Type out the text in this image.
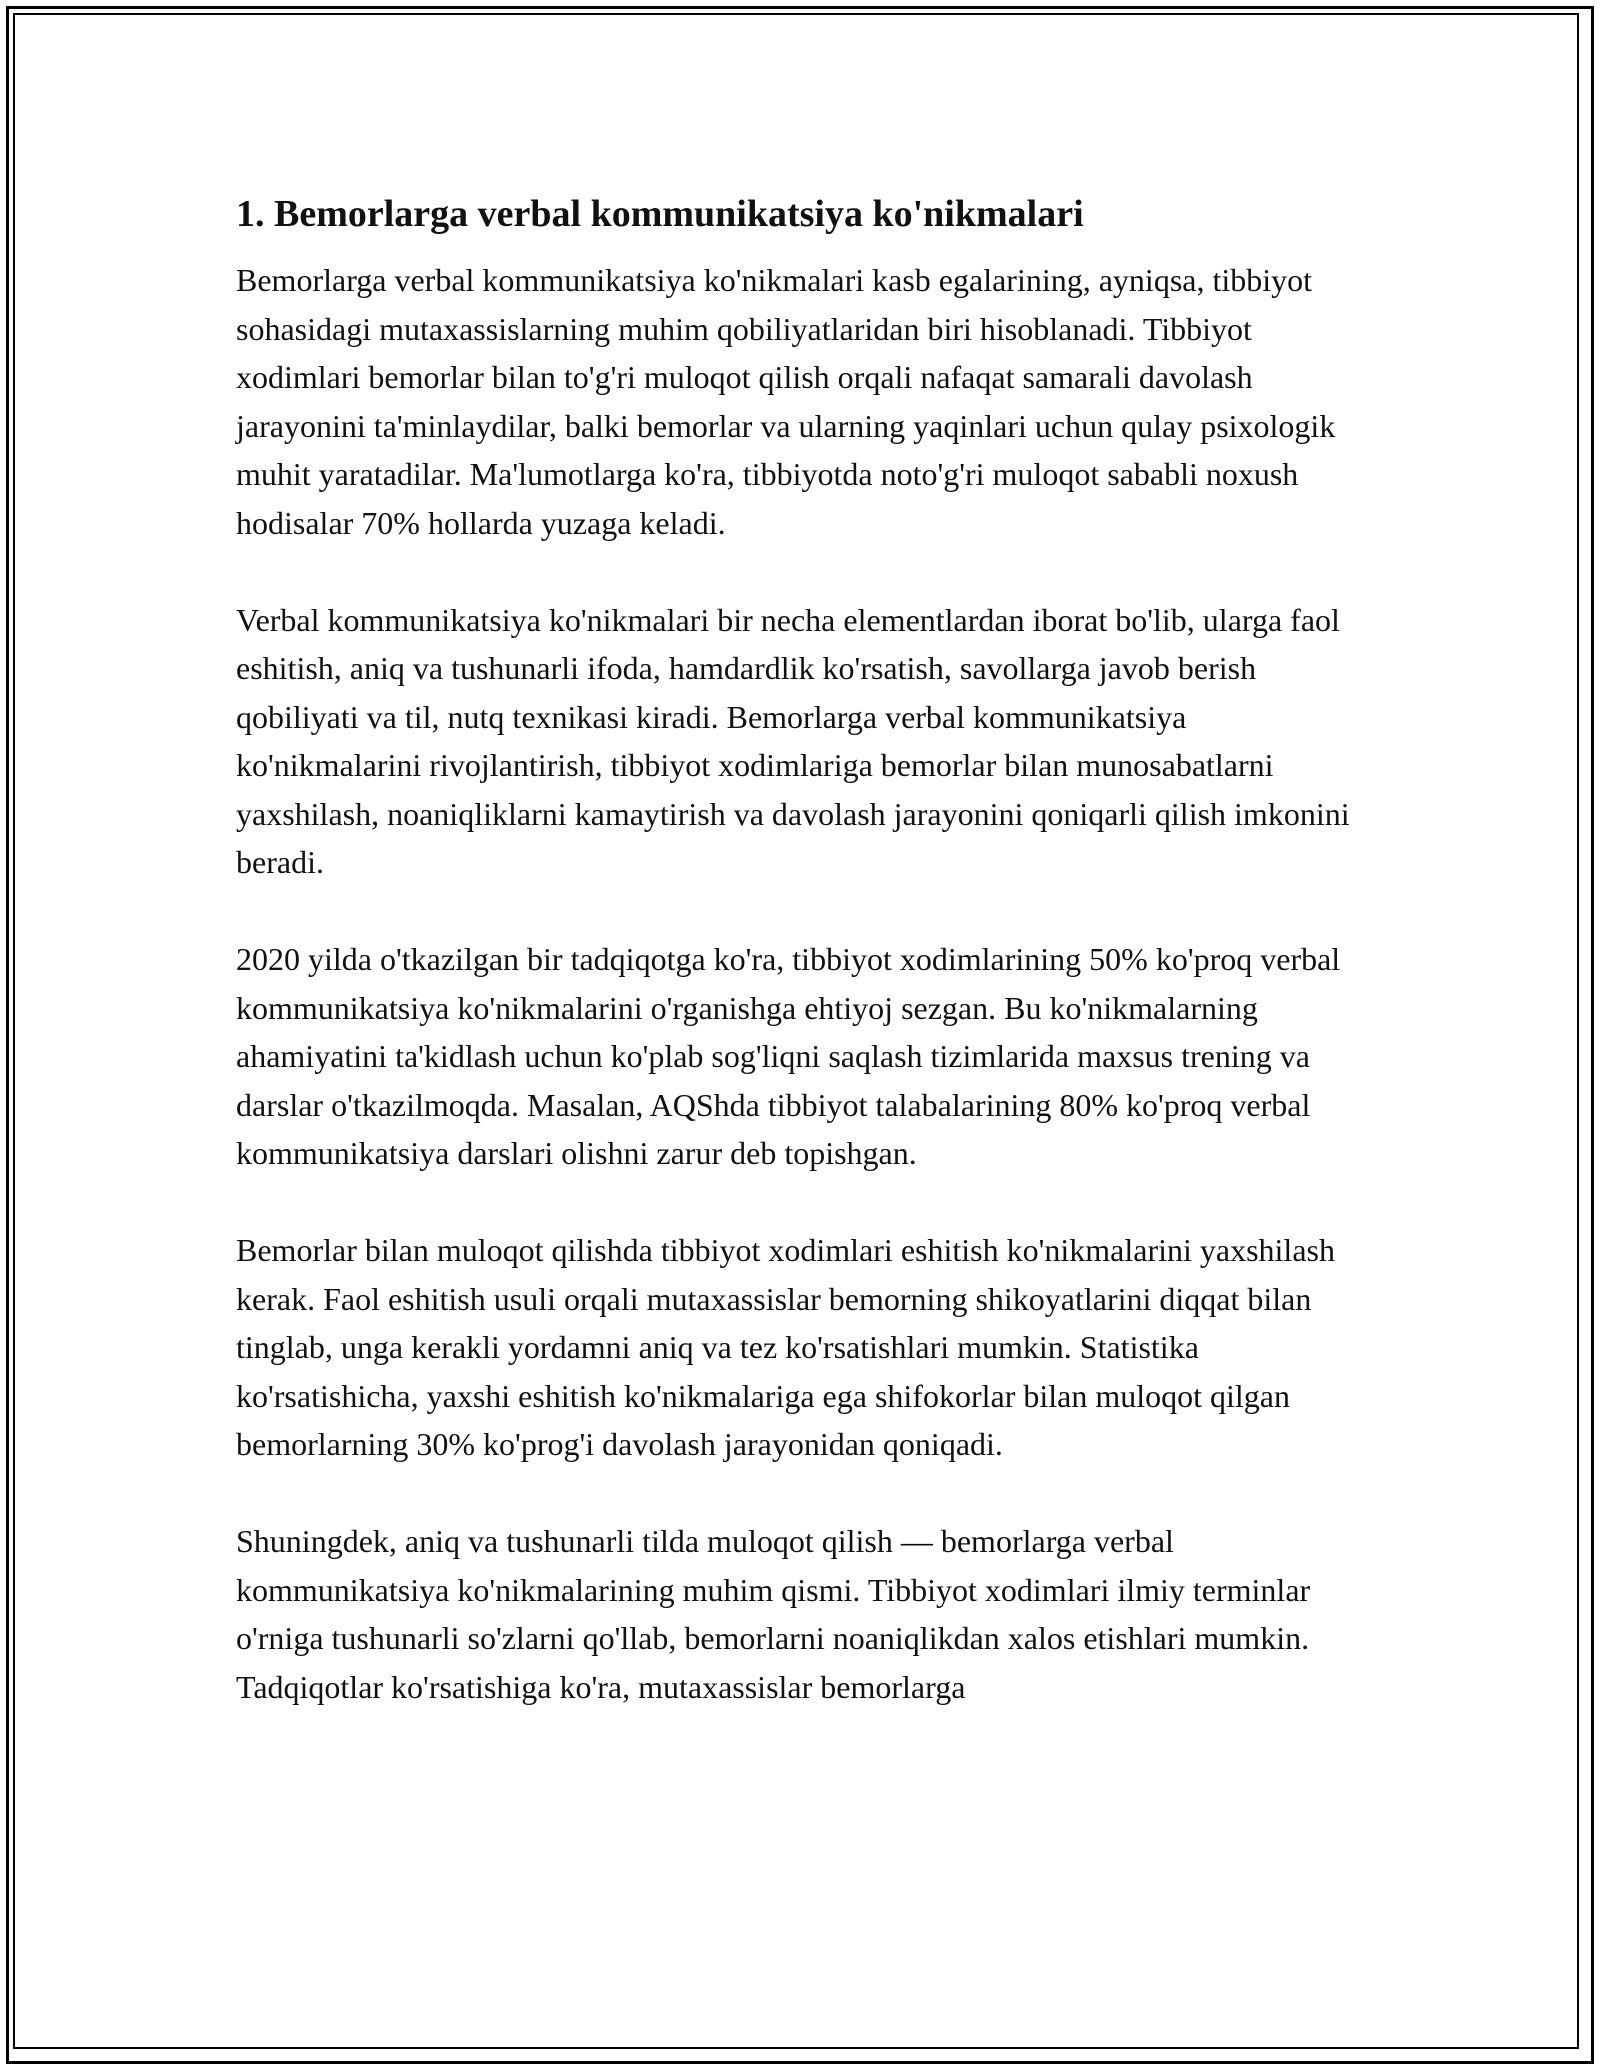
1. Bemorlarga verbal kommunikatsiya ko'nikmalari

Bemorlarga verbal kommunikatsiya ko'nikmalari kasb egalarining, ayniqsa, tibbiyot sohasidagi mutaxassislarning muhim qobiliyatlaridan biri hisoblanadi. Tibbiyot xodimlari bemorlar bilan to'g'ri muloqot qilish orqali nafaqat samarali davolash jarayonini ta'minlaydilar, balki bemorlar va ularning yaqinlari uchun qulay psixologik muhit yaratadilar. Ma'lumotlarga ko'ra, tibbiyotda noto'g'ri muloqot sababli noxush hodisalar 70% hollarda yuzaga keladi.

Verbal kommunikatsiya ko'nikmalari bir necha elementlardan iborat bo'lib, ularga faol eshitish, aniq va tushunarli ifoda, hamdardlik ko'rsatish, savollarga javob berish qobiliyati va til, nutq texnikasi kiradi. Bemorlarga verbal kommunikatsiya ko'nikmalarini rivojlantirish, tibbiyot xodimlariga bemorlar bilan munosabatlarni yaxshilash, noaniqliklarni kamaytirish va davolash jarayonini qoniqarli qilish imkonini beradi.

2020 yilda o'tkazilgan bir tadqiqotga ko'ra, tibbiyot xodimlarining 50% ko'proq verbal kommunikatsiya ko'nikmalarini o'rganishga ehtiyoj sezgan. Bu ko'nikmalarning ahamiyatini ta'kidlash uchun ko'plab sog'liqni saqlash tizimlarida maxsus trening va darslar o'tkazilmoqda. Masalan, AQShda tibbiyot talabalarining 80% ko'proq verbal kommunikatsiya darslari olishni zarur deb topishgan.

Bemorlar bilan muloqot qilishda tibbiyot xodimlari eshitish ko'nikmalarini yaxshilash kerak. Faol eshitish usuli orqali mutaxassislar bemorning shikoyatlarini diqqat bilan tinglab, unga kerakli yordamni aniq va tez ko'rsatishlari mumkin. Statistika ko'rsatishicha, yaxshi eshitish ko'nikmalariga ega shifokorlar bilan muloqot qilgan bemorlarning 30% ko'prog'i davolash jarayonidan qoniqadi.

Shuningdek, aniq va tushunarli tilda muloqot qilish — bemorlarga verbal kommunikatsiya ko'nikmalarining muhim qismi. Tibbiyot xodimlari ilmiy terminlar o'rniga tushunarli so'zlarni qo'llab, bemorlarni noaniqlikdan xalos etishlari mumkin. Tadqiqotlar ko'rsatishiga ko'ra, mutaxassislar bemorlarga
